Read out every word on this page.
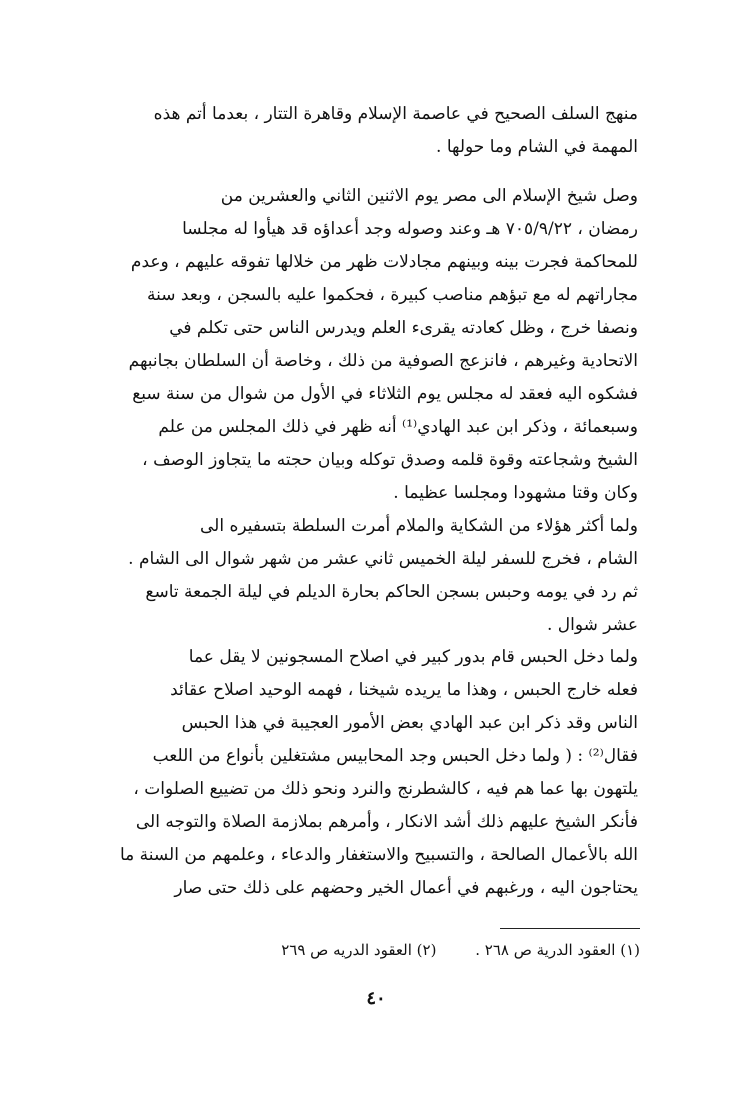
منهج السلف الصحيح في عاصمة الإسلام وقاهرة التتار ، بعدما أتم هذه
المهمة في الشام وما حولها .
وصل شيخ الإسلام الى مصر يوم الاثنين الثاني والعشرين من
رمضان ، ٧٠٥/٩/٢٢ هـ وعند وصوله وجد أعداؤه قد هيأوا له مجلسا
للمحاكمة فجرت بينه وبينهم مجادلات ظهر من خلالها تفوقه عليهم ، وعدم
مجاراتهم له مع تبؤهم مناصب كبيرة ، فحكموا عليه بالسجن ، وبعد سنة
ونصفا خرج ، وظل كعادته يقرىء العلم ويدرس الناس حتى تكلم في
الاتحادية وغيرهم ، فانزعج الصوفية من ذلك ، وخاصة أن السلطان بجانبهم
فشكوه اليه فعقد له مجلس يوم الثلاثاء في الأول من شوال من سنة سبع
وسبعمائة ، وذكر ابن عبد الهادي⁽¹⁾ أنه ظهر في ذلك المجلس من علم
الشيخ وشجاعته وقوة قلمه وصدق توكله وبيان حجته ما يتجاوز الوصف ،
وكان وقتا مشهودا ومجلسا عظيما .
ولما أكثر هؤلاء من الشكاية والملام أمرت السلطة بتسفيره الى
الشام ، فخرج للسفر ليلة الخميس ثاني عشر من شهر شوال الى الشام .
ثم رد في يومه وحبس بسجن الحاكم بحارة الديلم في ليلة الجمعة تاسع
عشر شوال .
ولما دخل الحبس قام بدور كبير في اصلاح المسجونين لا يقل عما
فعله خارج الحبس ، وهذا ما يريده شيخنا ، فهمه الوحيد اصلاح عقائد
الناس وقد ذكر ابن عبد الهادي بعض الأمور العجيبة في هذا الحبس
فقال⁽²⁾ : ( ولما دخل الحبس وجد المحابيس مشتغلين بأنواع من اللعب
يلتهون بها عما هم فيه ، كالشطرنج والنرد ونحو ذلك من تضييع الصلوات ،
فأنكر الشيخ عليهم ذلك أشد الانكار ، وأمرهم بملازمة الصلاة والتوجه الى
الله بالأعمال الصالحة ، والتسبيح والاستغفار والدعاء ، وعلمهم من السنة ما
يحتاجون اليه ، ورغبهم في أعمال الخير وحضهم على ذلك حتى صار
(١) العقود الدرية ص ٢٦٨ . (٢) العقود الدريه ص ٢٦٩
٤٠
